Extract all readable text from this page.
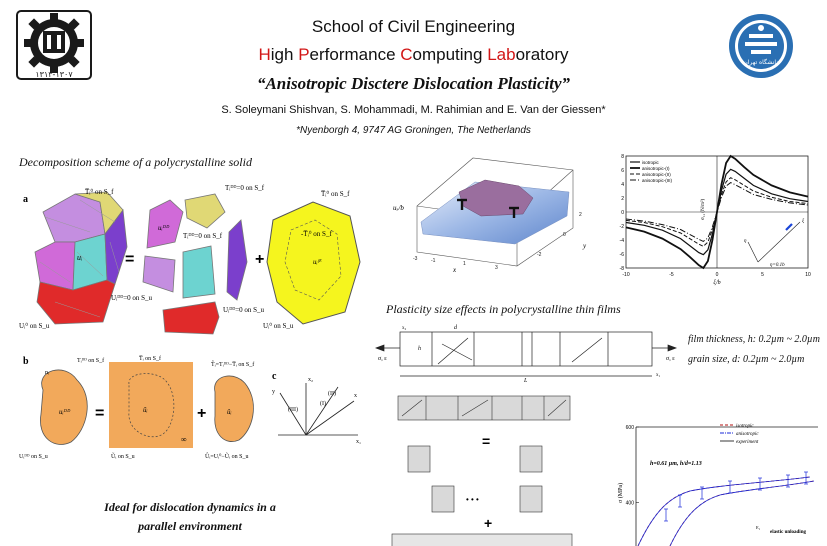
School of Civil Engineering
High Performance Computing Laboratory
“Anisotropic Disctere Dislocation Plasticity”
S. Soleymani Shishvan, S. Mohammadi, M. Rahimian and E. Van der Giessen*
*Nyenborgh 4, 9747 AG Groningen, The Netherlands
١٣٠٧-١٣١٣
دانشگاه تهران
Decomposition scheme of a polycrystalline solid
a
uᵢ
T̅ᵢ⁰ on S_f
Uᵢ⁰ on S_u
=
uᵢᴰᴰ
Tᵢᴰᴰ=0 on S_f
Tᵢᴰᴰ=0 on S_f
Uᵢᴰᴰ=0 on S_u
Uᵢᴰᴰ=0 on S_u
+	uᵢᶠᴱ
-T̅ᵢ⁰ on S_f
T̅ᵢ⁰ on S_f
Uᵢ⁰ on S_u
b
uᵢᴰᴰ
nᵢ
Tᵢᴰᴰ on S_f
Uᵢᴰᴰ on S_u
=	ũᵢ
T̅ᵢ on S_f
Ũᵢ on S_u
∞
+	ûᵢ
T̂ᵢ=Tᵢᴰᴰ−T̅ᵢ on S_f
Ûᵢ=Uᵢ⁰−Ũᵢ on S_u
c
(I)
(II)
(III)
x₁
x₂
y
x
Ideal for dislocation dynamics in a
parallel environment
uₓ/b
x
y
-3	-1	1
3
2
0
-2
-10	-5	0	5	10
8
6
4
2
0
-2
-4
-6
-8
isotropic
anisotropic-(I)
anisotropic-(II)
anisotropic-(III)
σ₁₂ (N/m²)
ξ/b
η=0.1b
η
ξ
Plasticity size effects in polycrystalline thin films
σ, ε
σ, ε
L
d
h
x₂
x₁
film thickness, h: 0.2µm ~ 2.0µm
grain size, d: 0.2µm ~ 2.0µm
=
• • •
+
600
400
σ (MPa)
isotropic
anisotropic
experiment
h=0.61 µm, h/d=1.13
elastic unloading
E₁
